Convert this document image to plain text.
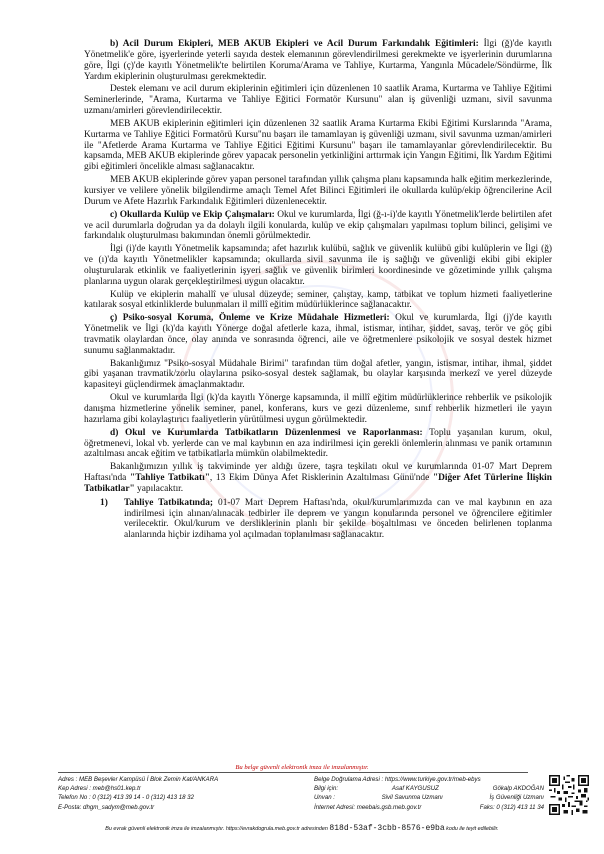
b) Acil Durum Ekipleri, MEB AKUB Ekipleri ve Acil Durum Farkındalık Eğitimleri: İlgi (ğ)'de kayıtlı Yönetmelik'e göre, işyerlerinde yeterli sayıda destek elemanının görevlendirilmesi gerekmekte ve işyerlerinin durumlarına göre, İlgi (ç)'de kayıtlı Yönetmelik'te belirtilen Koruma/Arama ve Tahliye, Kurtarma, Yangınla Mücadele/Söndürme, İlk Yardım ekiplerinin oluşturulması gerekmektedir.

Destek elemanı ve acil durum ekiplerinin eğitimleri için düzenlenen 10 saatlik Arama, Kurtarma ve Tahliye Eğitimi Seminerlerinde, "Arama, Kurtarma ve Tahliye Eğitici Formatör Kursunu" alan iş güvenliği uzmanı, sivil savunma uzmanı/amirleri görevlendirilecektir.

MEB AKUB ekiplerinin eğitimleri için düzenlenen 32 saatlik Arama Kurtarma Ekibi Eğitimi Kurslarında "Arama, Kurtarma ve Tahliye Eğitici Formatörü Kursu"nu başarı ile tamamlayan iş güvenliği uzmanı, sivil savunma uzman/amirleri ile "Afetlerde Arama Kurtarma ve Tahliye Eğitici Eğitimi Kursunu" başarı ile tamamlayanlar görevlendirilecektir. Bu kapsamda, MEB AKUB ekiplerinde görev yapacak personelin yetkinliğini arttırmak için Yangın Eğitimi, İlk Yardım Eğitimi gibi eğitimleri öncelikle alması sağlanacaktır.

MEB AKUB ekiplerinde görev yapan personel tarafından yıllık çalışma planı kapsamında halk eğitim merkezlerinde, kursiyer ve velilere yönelik bilgilendirme amaçlı Temel Afet Bilinci Eğitimleri ile okullarda kulüp/ekip öğrencilerine Acil Durum ve Afete Hazırlık Farkındalık Eğitimleri düzenlenecektir.

c) Okullarda Kulüp ve Ekip Çalışmaları: Okul ve kurumlarda, İlgi (ğ-ı-i)'de kayıtlı Yönetmelik'lerde belirtilen afet ve acil durumlarla doğrudan ya da dolaylı ilgili konularda, kulüp ve ekip çalışmaları yapılması toplum bilinci, gelişimi ve farkındalık oluşturulması bakımından önemli görülmektedir.

İlgi (i)'de kayıtlı Yönetmelik kapsamında; afet hazırlık kulübü, sağlık ve güvenlik kulübü gibi kulüplerin ve İlgi (ğ) ve (ı)'da kayıtlı Yönetmelikler kapsamında; okullarda sivil savunma ile iş sağlığı ve güvenliği ekibi gibi ekipler oluşturularak etkinlik ve faaliyetlerinin işyeri sağlık ve güvenlik birimleri koordinesinde ve gözetiminde yıllık çalışma planlarına uygun olarak gerçekleştirilmesi uygun olacaktır.

Kulüp ve ekiplerin mahallî ve ulusal düzeyde; seminer, çalıştay, kamp, tatbikat ve toplum hizmeti faaliyetlerine katılarak sosyal etkinliklerde bulunmaları il millî eğitim müdürlüklerince sağlanacaktır.

ç) Psiko-sosyal Koruma, Önleme ve Krize Müdahale Hizmetleri: Okul ve kurumlarda, İlgi (j)'de kayıtlı Yönetmelik ve İlgi (k)'da kayıtlı Yönerge doğal afetlerle kaza, ihmal, istismar, intihar, şiddet, savaş, terör ve göç gibi travmatik olaylardan önce, olay anında ve sonrasında öğrenci, aile ve öğretmenlere psikolojik ve sosyal destek hizmet sunumu sağlanmaktadır.

Bakanlığımız "Psiko-sosyal Müdahale Birimi" tarafından tüm doğal afetler, yangın, istismar, intihar, ihmal, şiddet gibi yaşanan travmatik/zorlu olaylarına psiko-sosyal destek sağlamak, bu olaylar karşısında merkezî ve yerel düzeyde kapasiteyi güçlendirmek amaçlanmaktadır.

Okul ve kurumlarda İlgi (k)'da kayıtlı Yönerge kapsamında, il millî eğitim müdürlüklerince rehberlik ve psikolojik danışma hizmetlerine yönelik seminer, panel, konferans, kurs ve gezi düzenleme, sınıf rehberlik hizmetleri ile yayın hazırlama gibi kolaylaştırıcı faaliyetlerin yürütülmesi uygun görülmektedir.

d) Okul ve Kurumlarda Tatbikatların Düzenlenmesi ve Raporlanması: Toplu yaşanılan kurum, okul, öğretmenevi, lokal vb. yerlerde can ve mal kaybının en aza indirilmesi için gerekli önlemlerin alınması ve panik ortamının azaltılması ancak eğitim ve tatbikatlarla mümkün olabilmektedir.

Bakanlığımızın yıllık iş takviminde yer aldığı üzere, taşra teşkilatı okul ve kurumlarında 01-07 Mart Deprem Haftası'nda "Tahliye Tatbikatı", 13 Ekim Dünya Afet Risklerinin Azaltılması Günü'nde "Diğer Afet Türlerine İlişkin Tatbikatlar" yapılacaktır.

1) Tahliye Tatbikatında; 01-07 Mart Deprem Haftası'nda, okul/kurumlarımızda can ve mal kaybının en aza indirilmesi için alınan/alınacak tedbirler ile deprem ve yangın konularında personel ve öğrencilere eğitimler verilecektir. Okul/kurum ve dersliklerinin planlı bir şekilde boşaltılması ve önceden belirlenen toplanma alanlarında hiçbir izdihama yol açılmadan toplanılması sağlanacaktır.

Bu belge güvenli elektronik imza ile imzalanmıştır.
Adres : MEB Beşevler Kampüsü İ Blok Zemin Kat/ANKARA
Kep Adresi : meb@hs01.kep.tr
Telefon No : 0 (312) 413 39 14 - 0 (312) 413 18 32
E-Posta: dhgm_sadym@meb.gov.tr
Belge Doğrulama Adresi : https://www.turkiye.gov.tr/meb-ebys
Bilgi için:	Asaf KAYGUSUZ	Gökalp AKDOĞAN
Unvan :	Sivil Savunma Uzmanı	İş Güvenliği Uzmanı
İnternet Adresi: meebais.gsb.meb.gov.tr	Faks: 0 (312) 413 11 34
Bu evrak güvenli elektronik imza ile imzalanmıştır. https://evrakdogrula.meb.gov.tr adresinden 818d-53af-3cbb-8576-e9ba kodu ile teyit edilebilir.
